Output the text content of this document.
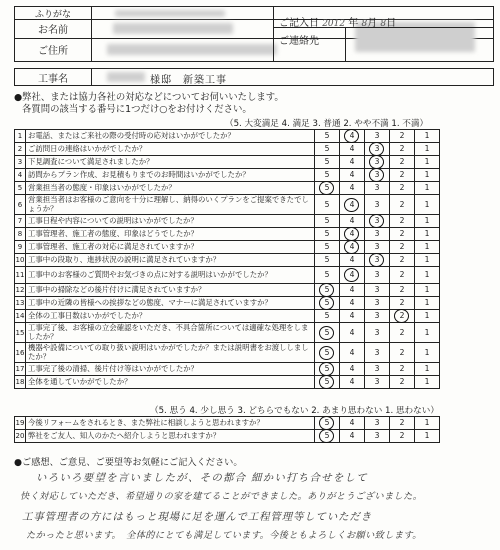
ふりがな
お名前
ご住所
ご記入日 2012 年 8月 8日
ご連絡先
工事名	様邸　新築工事
●弊社、または協力各社の対応などについてお伺いいたします。
各質問の該当する番号に1つだけ○をお付けください。
（5. 大変満足 4. 満足 3. 普通 2. やや不満 1. 不満）
1	お電話、またはご来社の際の受付時の応対はいかがでしたか？	5	4	3	2	1
2	ご訪問日の連絡はいかがでしたか？	5	4	3	2	1
3	下見調査について満足されましたか？	5	4	3	2	1
4	訪問からプラン作成、お見積もりまでのお時間はいかがでしたか？	5	4	3	2	1
5	営業担当者の態度・印象はいかがでしたか？	5	4	3	2	1
6	営業担当者はお客様のご意向を十分に理解し、納得のいくプランをご提案できたでしょうか？	5	4	3	2	1
7	工事日程や内容についての説明はいかがでしたか？	5	4	3	2	1
8	工事管理者、施工者の態度、印象はどうでしたか？	5	4	3	2	1
9	工事管理者、施工者の対応に満足されていますか？	5	4	3	2	1
10	工事中の段取り、進捗状況の説明に満足されていますか？	5	4	3	2	1
11	工事中のお客様のご質問やお気づきの点に対する説明はいかがでしたか？	5	4	3	2	1
12	工事中の掃除などの後片付けに満足されていますか？	5	4	3	2	1
13	工事中の近隣の皆様への挨拶などの態度、マナーに満足されていますか？	5	4	3	2	1
14	全体の工事日数はいかがでしたか？	5	4	3	2	1
15	工事完了後、お客様の立会確認をいただき、不具合箇所については適確な処理をしましたか？	5	4	3	2	1
16	機器や設備についての取り扱い説明はいかがでしたか？または説明書をお渡ししましたか？	5	4	3	2	1
17	工事完了後の清掃、後片付け等はいかがでしたか？	5	4	3	2	1
18	全体を通していかがでしたか？	5	4	3	2	1
（5. 思う 4. 少し思う 3. どちらでもない 2. あまり思わない 1. 思わない）
19	今後リフォームをされるとき、また弊社に相談しようと思われますか？	5	4	3	2	1
20	弊社をご友人、知人のかたへ紹介しようと思われますか？	5	4	3	2	1
●ご感想、ご意見、ご要望等お気軽にご記入ください。
いろいろ要望を言いましたが、その都合 細かい打ち合せをして
快く対応していただき、希望通りの家を建てることができました。ありがとうございました。
工事管理者の方にはもっと現場に足を運んで工程管理等していただき
たかったと思います。　全体的にとても満足しています。今後ともよろしくお願い致します。
